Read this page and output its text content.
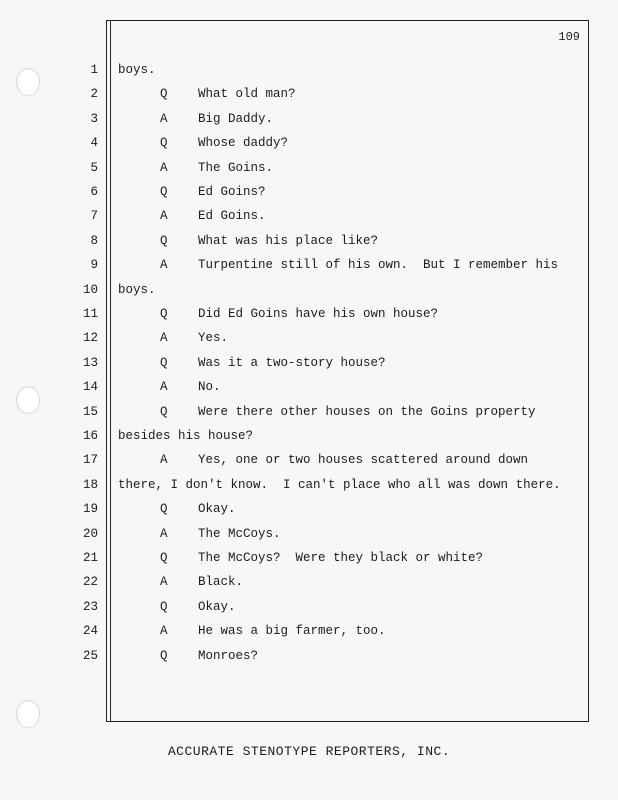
109
1 boys.
2	Q What old man?
3	A Big Daddy.
4	Q Whose daddy?
5	A The Goins.
6	Q Ed Goins?
7	A Ed Goins.
8	Q What was his place like?
9	A Turpentine still of his own.  But I remember his
10 boys.
11	Q Did Ed Goins have his own house?
12	A Yes.
13	Q Was it a two-story house?
14	A No.
15	Q Were there other houses on the Goins property
16 besides his house?
17	A Yes, one or two houses scattered around down
18 there, I don't know.  I can't place who all was down there.
19	Q Okay.
20	A The McCoys.
21	Q The McCoys?  Were they black or white?
22	A Black.
23	Q Okay.
24	A He was a big farmer, too.
25	Q Monroes?
ACCURATE STENOTYPE REPORTERS, INC.
